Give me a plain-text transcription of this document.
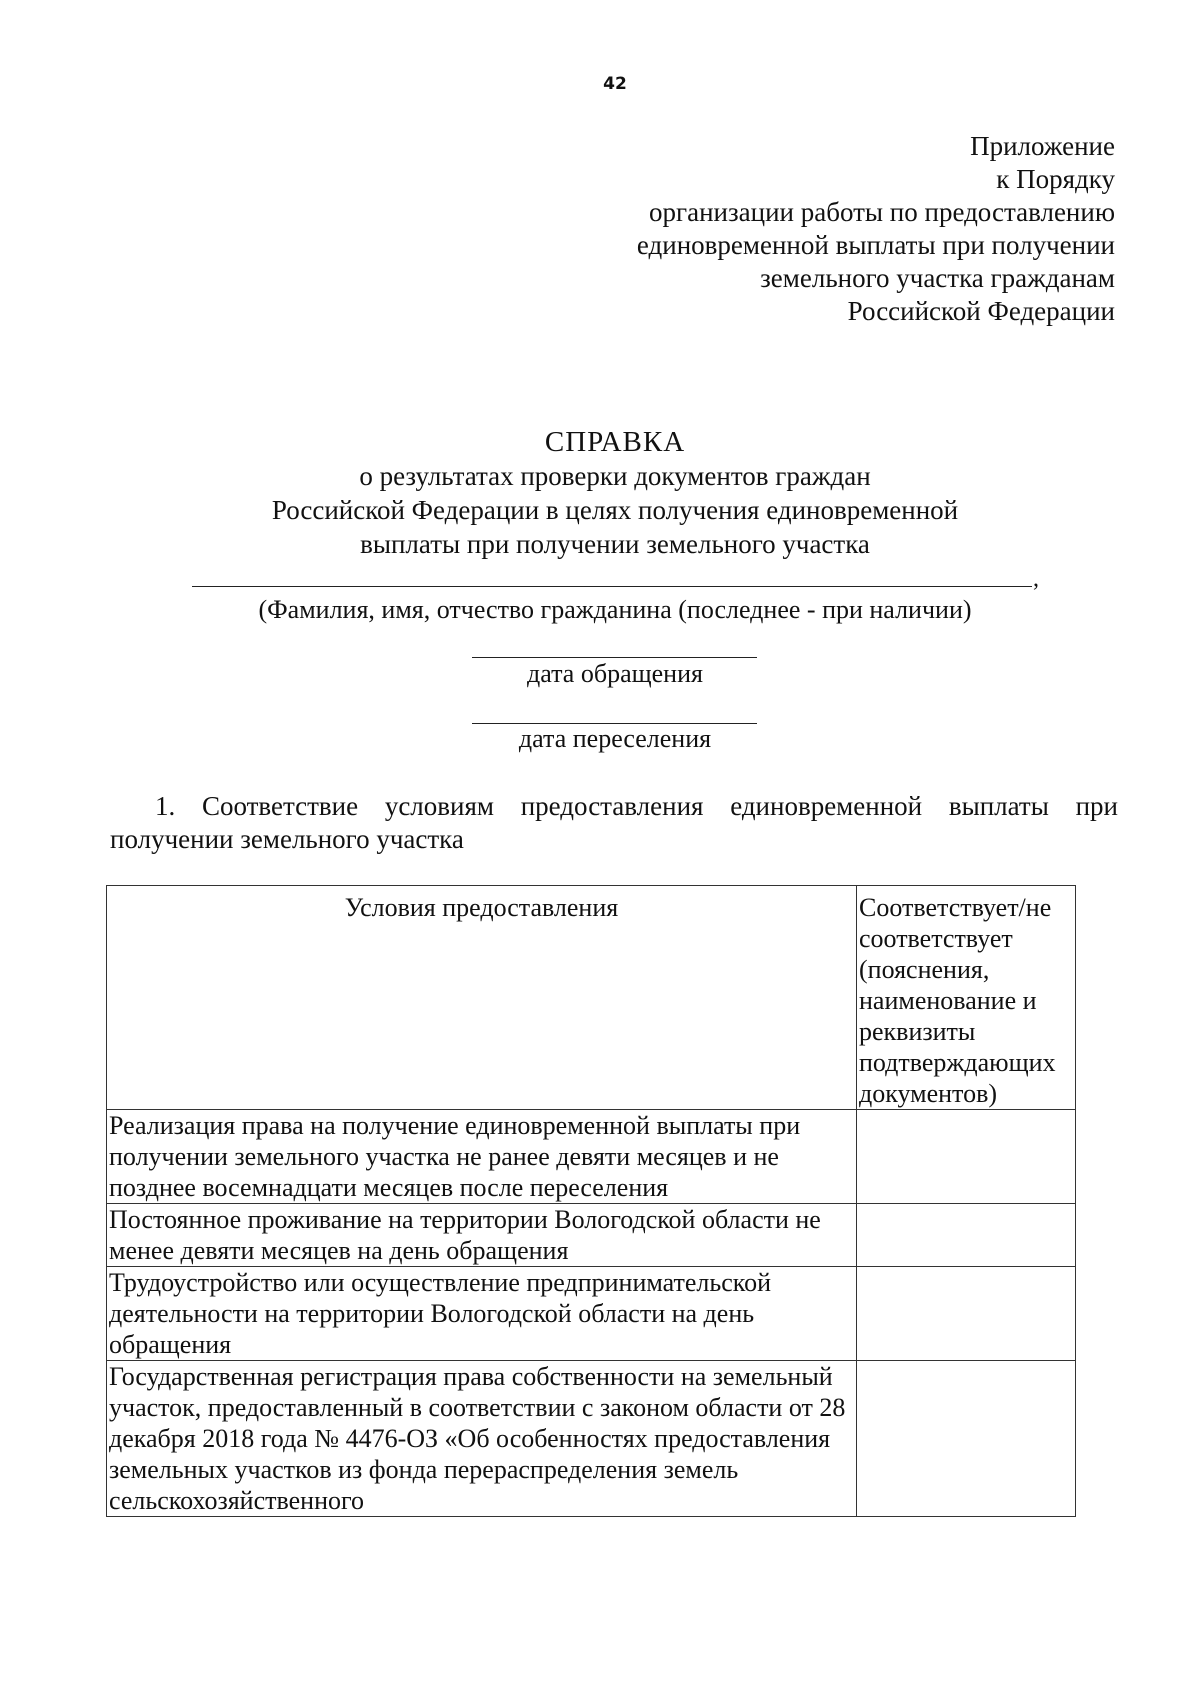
42
Приложение
к Порядку
организации работы по предоставлению
единовременной выплаты при получении
земельного участка гражданам
Российской Федерации
СПРАВКА
о результатах проверки документов граждан
Российской Федерации в целях получения единовременной
выплаты при получении земельного участка
,
(Фамилия, имя, отчество гражданина (последнее - при наличии)
дата обращения
дата переселения
1. Соответствие условиям предоставления единовременной выплаты при получении земельного участка
Условия предоставления	Соответствует/не соответствует (пояснения, наименование и реквизиты подтверждающих документов)
Реализация права на получение единовременной выплаты при получении земельного участка не ранее девяти месяцев и не позднее восемнадцати месяцев после переселения	
Постоянное проживание на территории Вологодской области не менее девяти месяцев на день обращения	
Трудоустройство или осуществление предпринимательской деятельности на территории Вологодской области на день обращения	
Государственная регистрация права собственности на земельный участок, предоставленный в соответствии с законом области от 28 декабря 2018 года № 4476-ОЗ «Об особенностях предоставления земельных участков из фонда перераспределения земель сельскохозяйственного	
